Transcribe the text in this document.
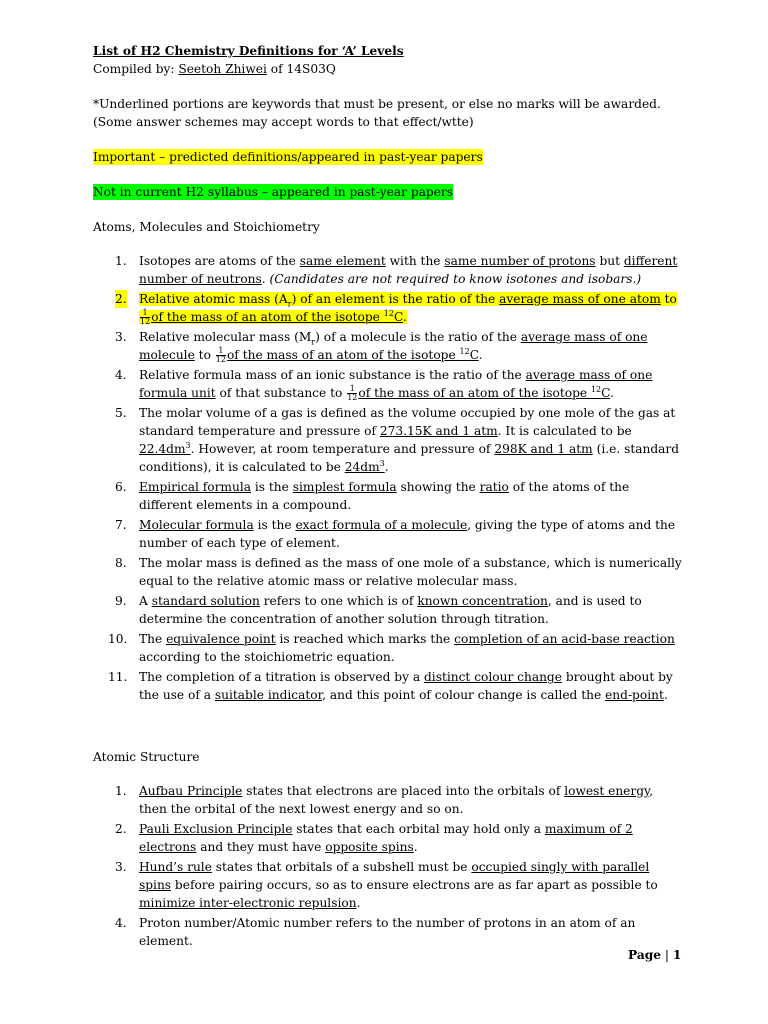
List of H2 Chemistry Definitions for ‘A’ Levels

Compiled by: Seetoh Zhiwei of 14S03Q

*Underlined portions are keywords that must be present, or else no marks will be awarded.
(Some answer schemes may accept words to that effect/wtte)
Important – predicted definitions/appeared in past-year papers
Not in current H2 syllabus – appeared in past-year papers
Atoms, Molecules and Stoichiometry
1. Isotopes are atoms of the same element with the same number of protons but different number of neutrons. (Candidates are not required to know isotones and isobars.)
2. Relative atomic mass $(A_r)$ of an element is the ratio of the average mass of one atom to

$\frac{1}{12}$ of the mass of an atom of the isotope $^{12}$C.
3. Relative molecular mass $(M_r)$ of a molecule is the ratio of the average mass of one molecule to $\frac{1}{12}$ of the mass of an atom of the isotope $^{12}$C.
4. Relative formula mass of an ionic substance is the ratio of the average mass of one formula unit of that substance to $\frac{1}{12}$ of the mass of an atom of the isotope $^{12}$C.
5. The molar volume of a gas is defined as the volume occupied by one mole of the gas at standard temperature and pressure of 273.15K and 1 atm. It is calculated to be $22.4dm^3$. However, at room temperature and pressure of 298K and 1 atm (i.e. standard conditions), it is calculated to be $24dm^3$.
6. Empirical formula is the simplest formula showing the ratio of the atoms of the different elements in a compound.
7. Molecular formula is the exact formula of a molecule, giving the type of atoms and the number of each type of element.
8. The molar mass is defined as the mass of one mole of a substance, which is numerically equal to the relative atomic mass or relative molecular mass.
9. A standard solution refers to one which is of known concentration, and is used to determine the concentration of another solution through titration.
10. The equivalence point is reached which marks the completion of an acid-base reaction according to the stoichiometric equation.
11. The completion of a titration is observed by a distinct colour change brought about by the use of a suitable indicator, and this point of colour change is called the end-point.
Atomic Structure
1. Aufbau Principle states that electrons are placed into the orbitals of lowest energy, then the orbital of the next lowest energy and so on.
2. Pauli Exclusion Principle states that each orbital may hold only a maximum of 2 electrons and they must have opposite spins.
3. Hund’s rule states that orbitals of a subshell must be occupied singly with parallel spins before pairing occurs, so as to ensure electrons are as far apart as possible to minimize inter-electronic repulsion.
4. Proton number/Atomic number refers to the number of protons in an atom of an element.
Page | 1
